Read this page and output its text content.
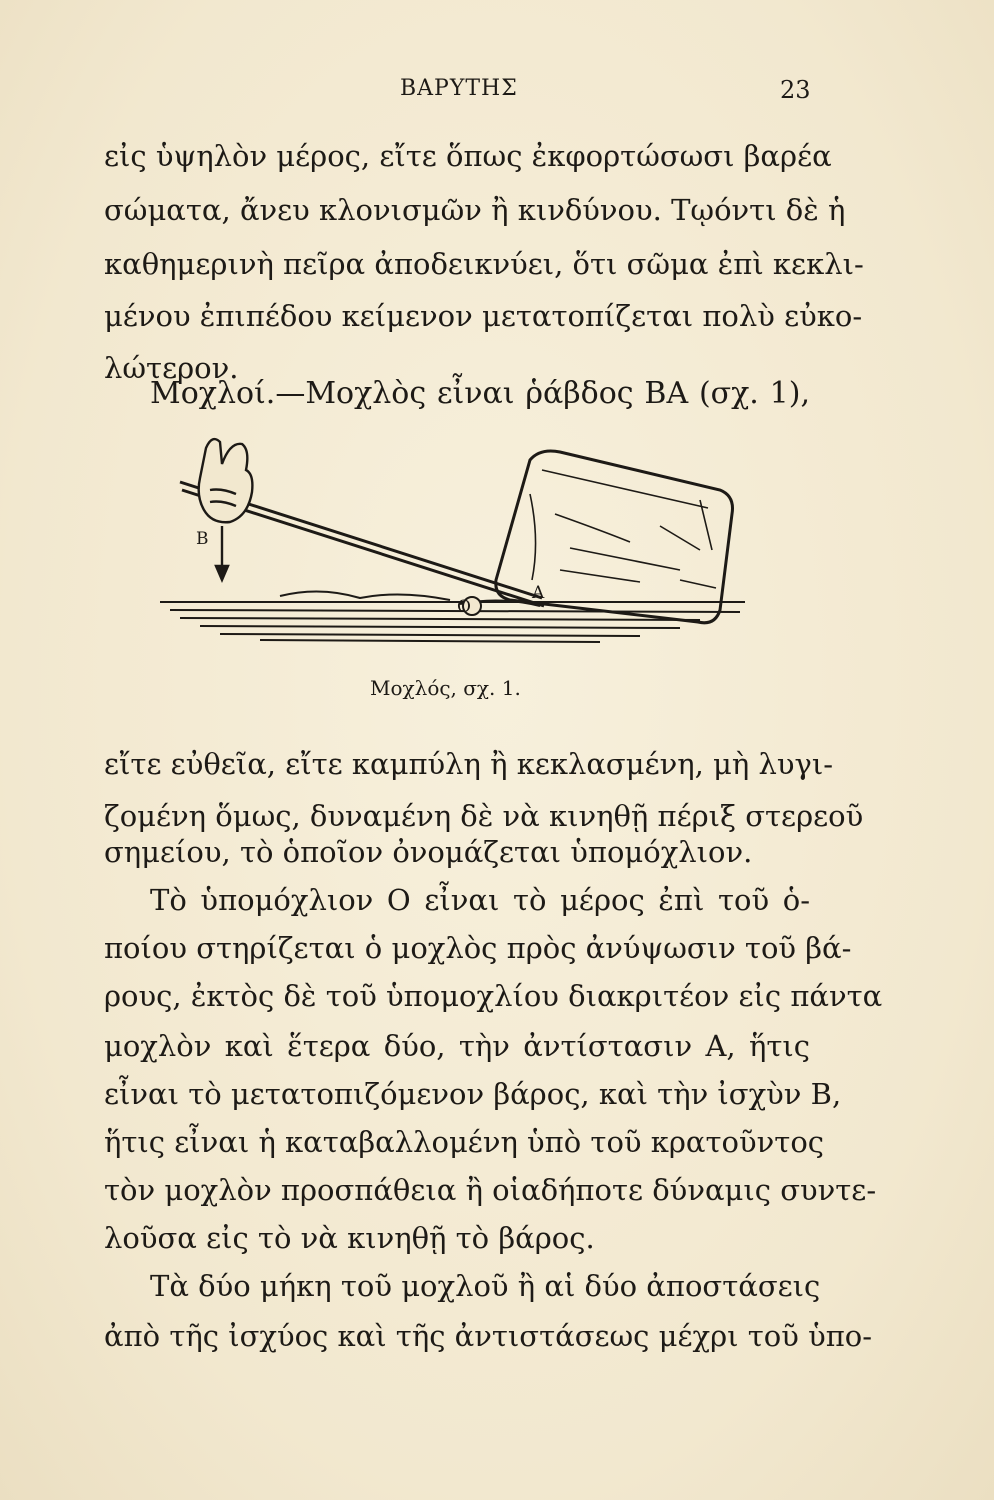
ΒΑΡΥΤΗΣ	23
εἰς ὑψηλὸν μέρος, εἴτε ὅπως ἐκφορτώσωσι βαρέα
σώματα, ἄνευ κλονισμῶν ἢ κινδύνου. Τῳόντι δὲ ἡ
καθημερινὴ πεῖρα ἀποδεικνύει, ὅτι σῶμα ἐπὶ κεκλι-
μένου ἐπιπέδου κείμενον μετατοπίζεται πολὺ εὐκο-
λώτερον.
Μοχλοί.—Μοχλὸς εἶναι ῥάβδος ΒΑ (σχ. 1),
B
A
O
Μοχλός, σχ. 1.
εἴτε εὐθεῖα, εἴτε καμπύλη ἢ κεκλασμένη, μὴ λυγι-
ζομένη ὅμως, δυναμένη δὲ νὰ κινηθῇ πέριξ στερεοῦ
σημείου, τὸ ὁποῖον ὀνομάζεται ὑπομόχλιον.
Τὸ ὑπομόχλιον Ο εἶναι τὸ μέρος ἐπὶ τοῦ ὁ-
ποίου στηρίζεται ὁ μοχλὸς πρὸς ἀνύψωσιν τοῦ βά-
ρους, ἐκτὸς δὲ τοῦ ὑπομοχλίου διακριτέον εἰς πάντα
μοχλὸν καὶ ἕτερα δύο, τὴν ἀντίστασιν Α, ἥτις
εἶναι τὸ μετατοπιζόμενον βάρος, καὶ τὴν ἰσχὺν Β,
ἥτις εἶναι ἡ καταβαλλομένη ὑπὸ τοῦ κρατοῦντος
τὸν μοχλὸν προσπάθεια ἢ οἱαδήποτε δύναμις συντε-
λοῦσα εἰς τὸ νὰ κινηθῇ τὸ βάρος.
Τὰ δύο μήκη τοῦ μοχλοῦ ἢ αἱ δύο ἀποστάσεις
ἀπὸ τῆς ἰσχύος καὶ τῆς ἀντιστάσεως μέχρι τοῦ ὑπο-
